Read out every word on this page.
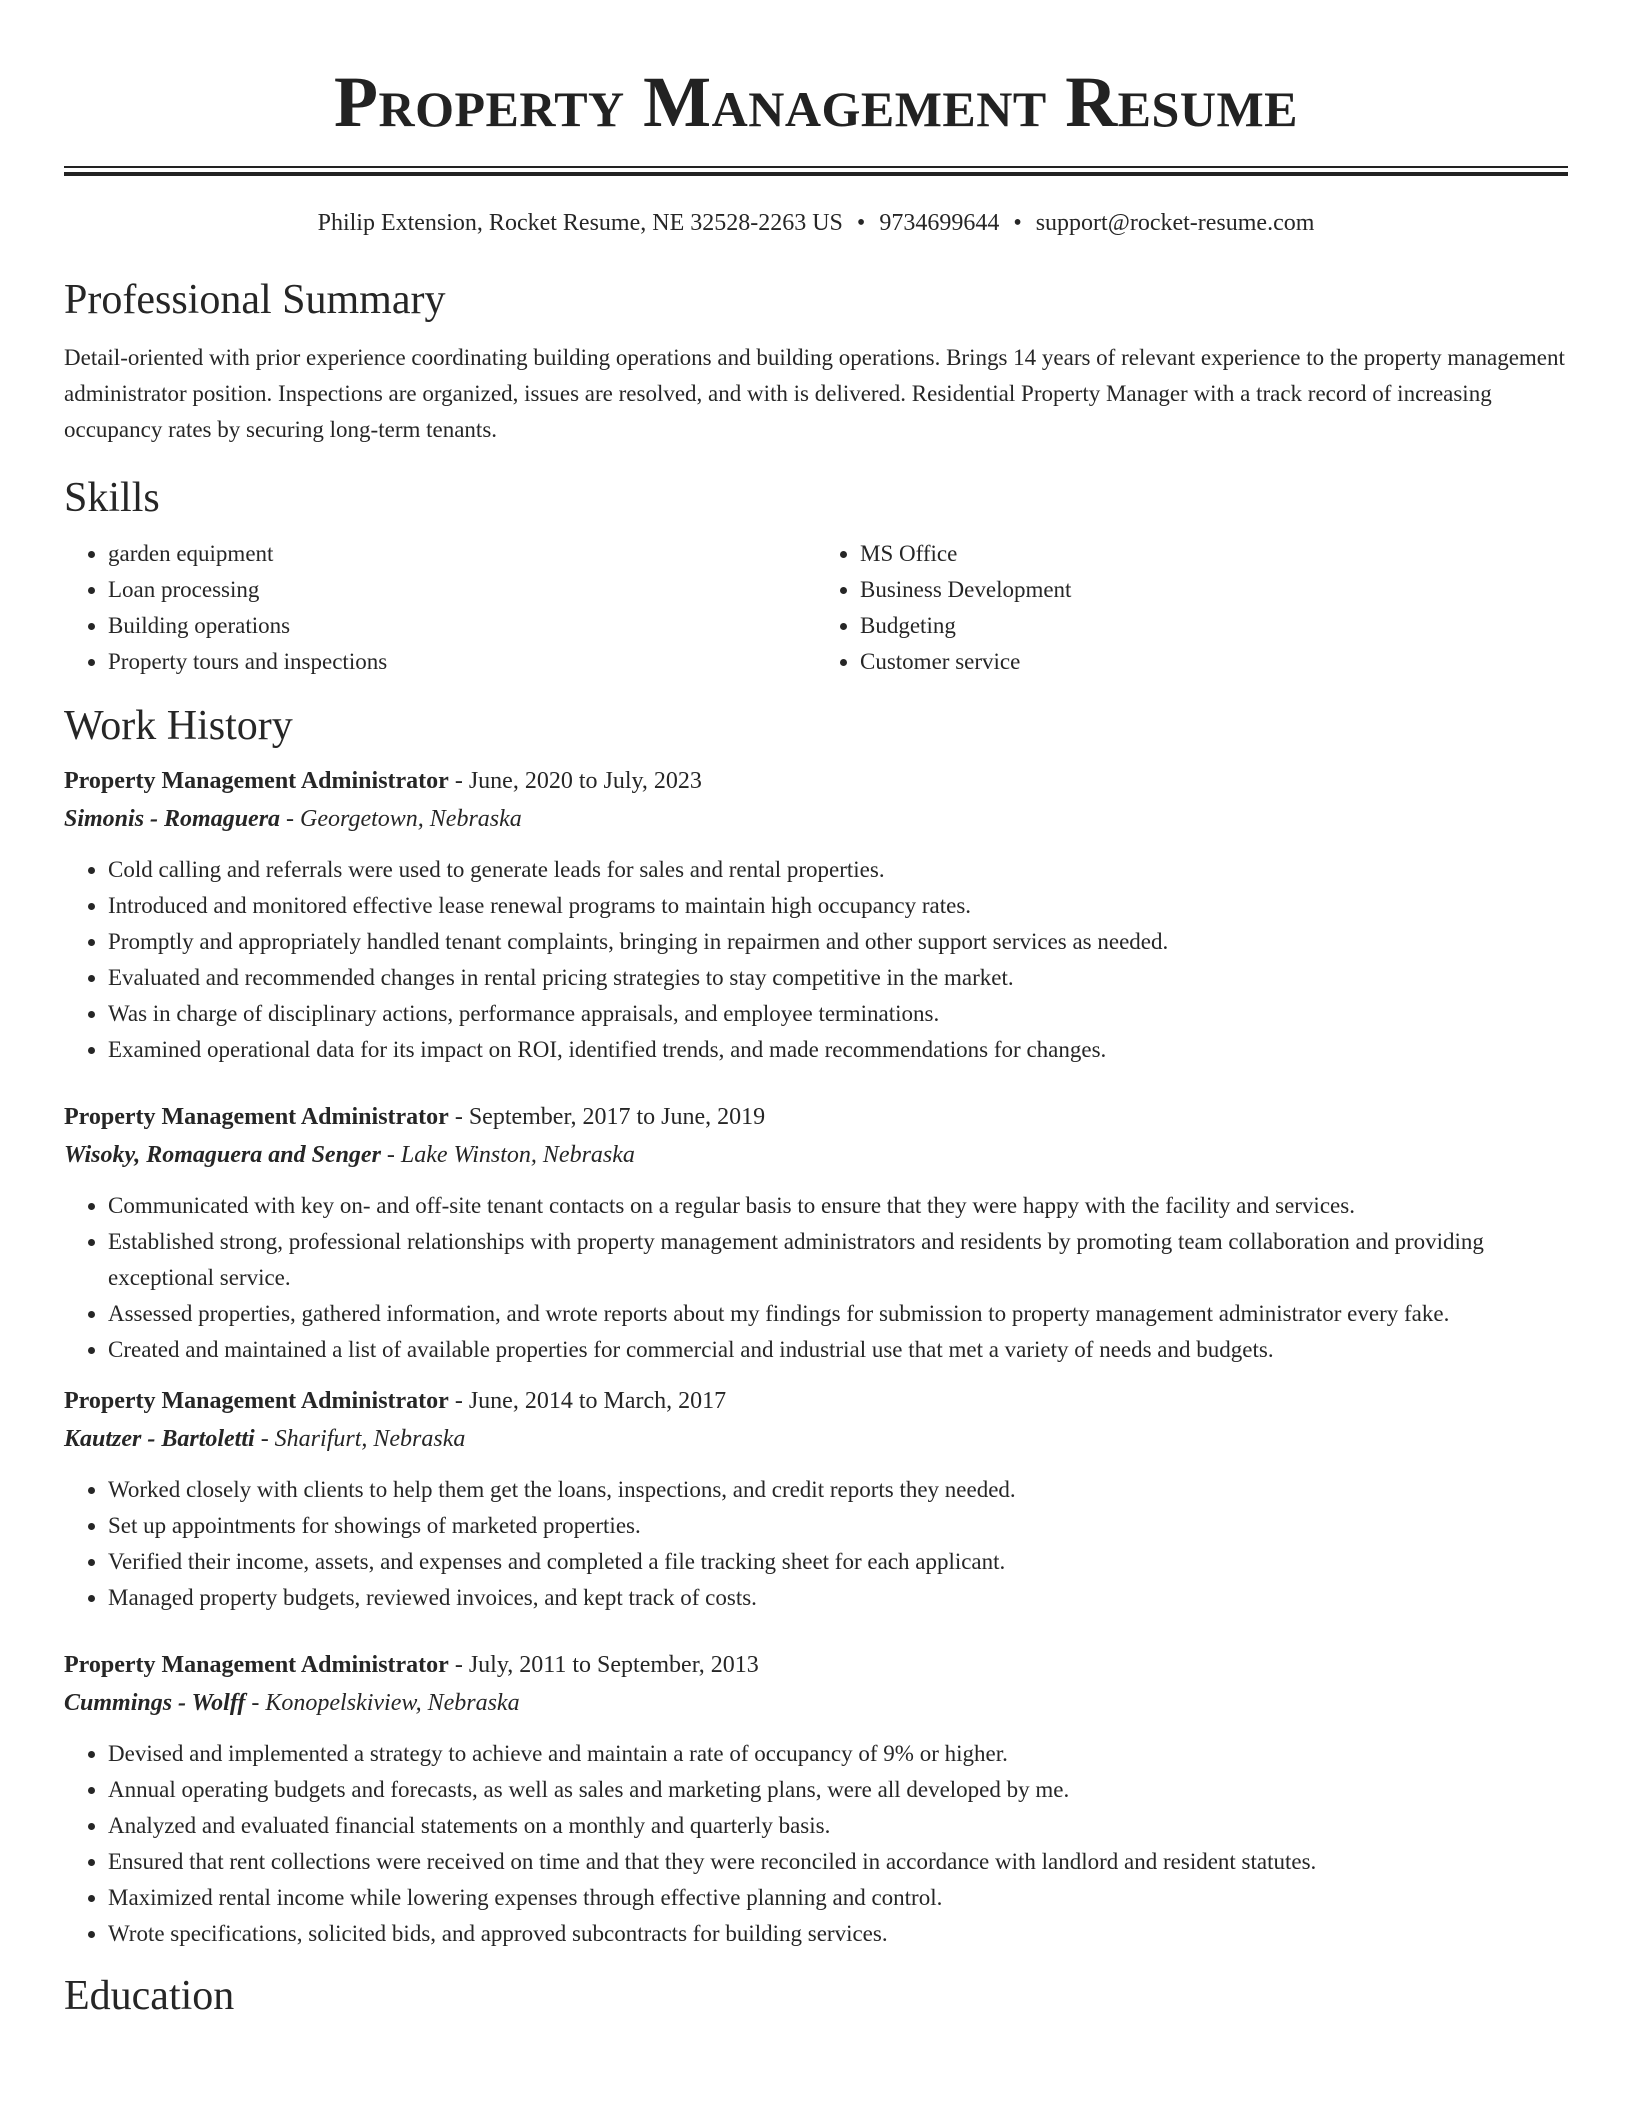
Property Management Resume
Philip Extension, Rocket Resume, NE 32528-2263 US • 9734699644 • support@rocket-resume.com
Professional Summary

Detail-oriented with prior experience coordinating building operations and building operations. Brings 14 years of relevant experience to the property management administrator position. Inspections are organized, issues are resolved, and with is delivered. Residential Property Manager with a track record of increasing occupancy rates by securing long-term tenants.

Skills
• garden equipment
• Loan processing
• Building operations
• Property tours and inspections
• MS Office
• Business Development
• Budgeting
• Customer service
Work History
Property Management Administrator - June, 2020 to July, 2023
Simonis - Romaguera - Georgetown, Nebraska
• Cold calling and referrals were used to generate leads for sales and rental properties.
• Introduced and monitored effective lease renewal programs to maintain high occupancy rates.
• Promptly and appropriately handled tenant complaints, bringing in repairmen and other support services as needed.
• Evaluated and recommended changes in rental pricing strategies to stay competitive in the market.
• Was in charge of disciplinary actions, performance appraisals, and employee terminations.
• Examined operational data for its impact on ROI, identified trends, and made recommendations for changes.
Property Management Administrator - September, 2017 to June, 2019
Wisoky, Romaguera and Senger - Lake Winston, Nebraska
• Communicated with key on- and off-site tenant contacts on a regular basis to ensure that they were happy with the facility and services.
• Established strong, professional relationships with property management administrators and residents by promoting team collaboration and providing exceptional service.
• Assessed properties, gathered information, and wrote reports about my findings for submission to property management administrator every fake.
• Created and maintained a list of available properties for commercial and industrial use that met a variety of needs and budgets.
Property Management Administrator - June, 2014 to March, 2017
Kautzer - Bartoletti - Sharifurt, Nebraska
• Worked closely with clients to help them get the loans, inspections, and credit reports they needed.
• Set up appointments for showings of marketed properties.
• Verified their income, assets, and expenses and completed a file tracking sheet for each applicant.
• Managed property budgets, reviewed invoices, and kept track of costs.
Property Management Administrator - July, 2011 to September, 2013
Cummings - Wolff - Konopelskiview, Nebraska
• Devised and implemented a strategy to achieve and maintain a rate of occupancy of 9% or higher.
• Annual operating budgets and forecasts, as well as sales and marketing plans, were all developed by me.
• Analyzed and evaluated financial statements on a monthly and quarterly basis.
• Ensured that rent collections were received on time and that they were reconciled in accordance with landlord and resident statutes.
• Maximized rental income while lowering expenses through effective planning and control.
• Wrote specifications, solicited bids, and approved subcontracts for building services.
Education
